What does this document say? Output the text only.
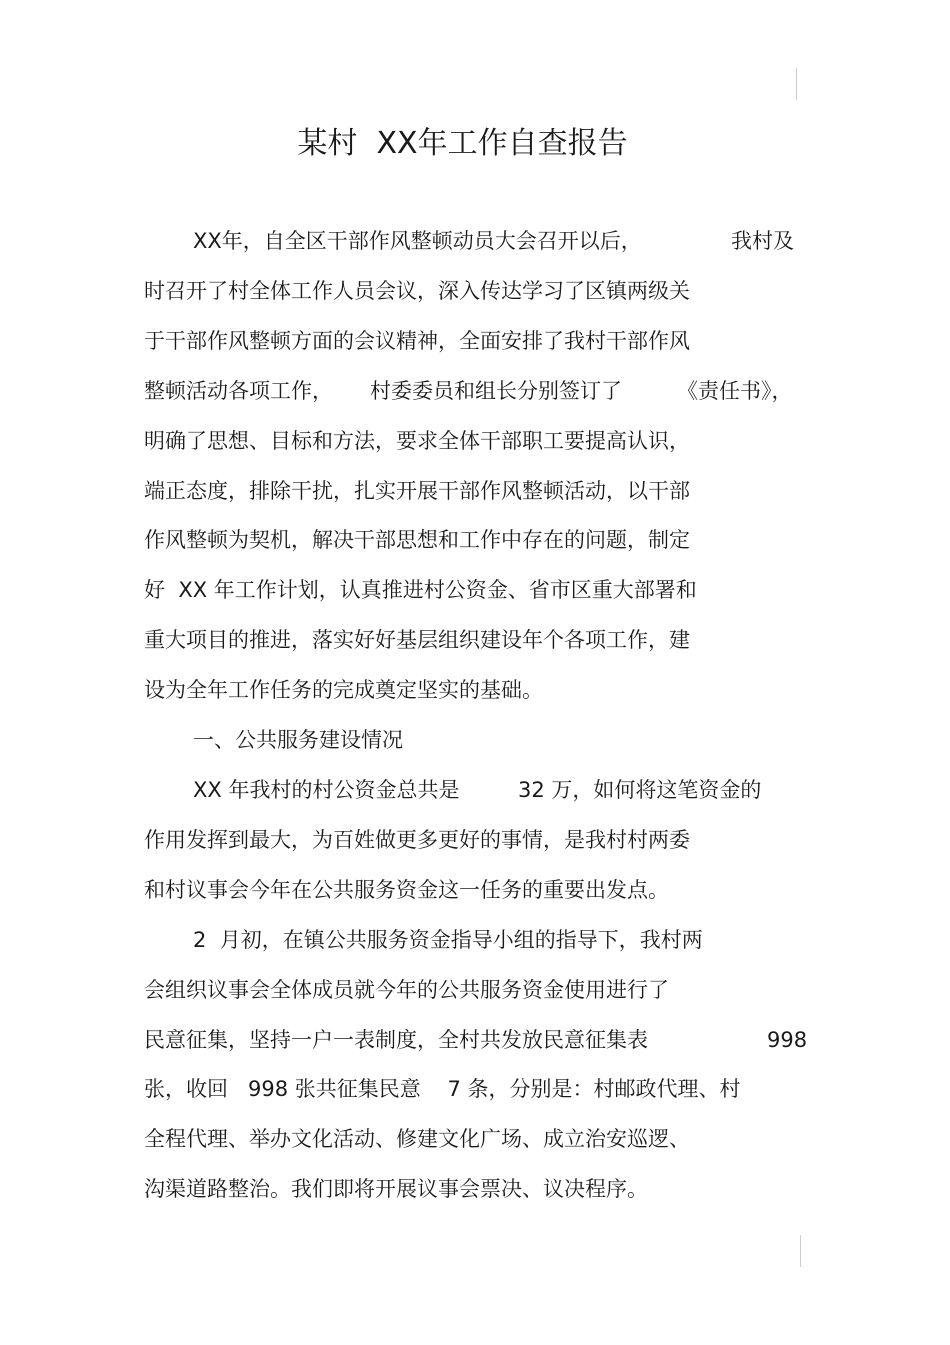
某村  XX年工作自查报告
XX年，自全区干部作风整顿动员大会召开以后，	我村及
时召开了村全体工作人员会议，深入传达学习了区镇两级关
于干部作风整顿方面的会议精神，全面安排了我村干部作风
整顿活动各项工作， 村委委员和组长分别签订了	《责任书》，
明确了思想、目标和方法，要求全体干部职工要提高认识，
端正态度，排除干扰，扎实开展干部作风整顿活动，以干部
作风整顿为契机，解决干部思想和工作中存在的问题，制定
好  XX 年工作计划，认真推进村公资金、省市区重大部署和
重大项目的推进，落实好好基层组织建设年个各项工作，建
设为全年工作任务的完成奠定坚实的基础。
一、公共服务建设情况
XX 年我村的村公资金总共是	32 万，如何将这笔资金的
作用发挥到最大，为百姓做更多更好的事情，是我村村两委
和村议事会今年在公共服务资金这一任务的重要出发点。
2  月初，在镇公共服务资金指导小组的指导下，我村两
会组织议事会全体成员就今年的公共服务资金使用进行了
民意征集，坚持一户一表制度，全村共发放民意征集表	998
张，收回   998 张共征集民意    7 条，分别是：村邮政代理、村
全程代理、举办文化活动、修建文化广场、成立治安巡逻、
沟渠道路整治。我们即将开展议事会票决、议决程序。
